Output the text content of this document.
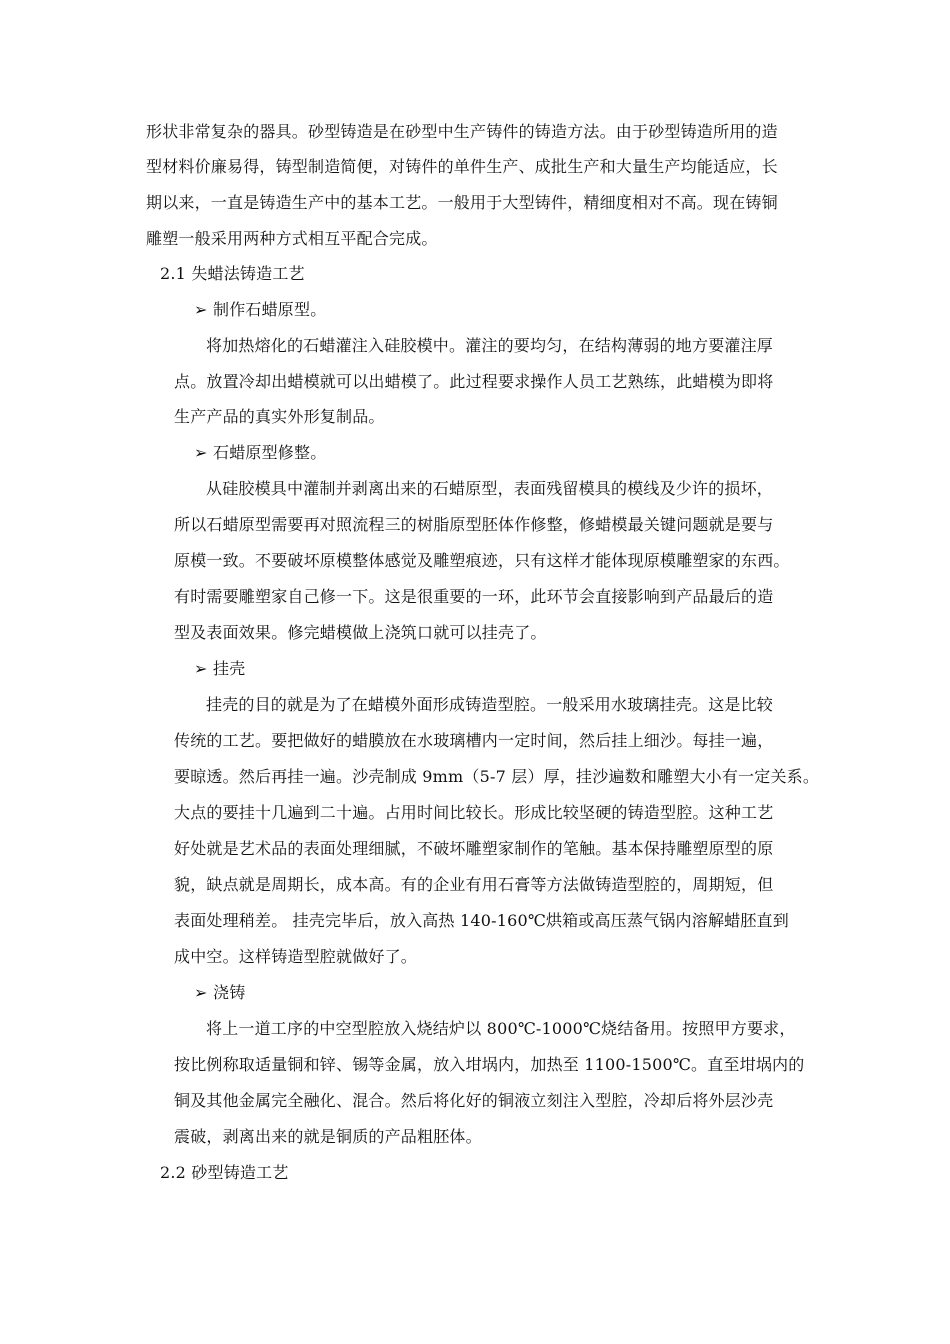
形状非常复杂的器具。砂型铸造是在砂型中生产铸件的铸造方法。由于砂型铸造所用的造
型材料价廉易得，铸型制造简便，对铸件的单件生产、成批生产和大量生产均能适应，长
期以来，一直是铸造生产中的基本工艺。一般用于大型铸件，精细度相对不高。现在铸铜
雕塑一般采用两种方式相互平配合完成。
2.1 失蜡法铸造工艺
➢ 制作石蜡原型。
将加热熔化的石蜡灌注入硅胶模中。灌注的要均匀，在结构薄弱的地方要灌注厚
点。放置冷却出蜡模就可以出蜡模了。此过程要求操作人员工艺熟练，此蜡模为即将
生产产品的真实外形复制品。
➢ 石蜡原型修整。
从硅胶模具中灌制并剥离出来的石蜡原型，表面残留模具的模线及少许的损坏，
所以石蜡原型需要再对照流程三的树脂原型胚体作修整，修蜡模最关键问题就是要与
原模一致。不要破坏原模整体感觉及雕塑痕迹，只有这样才能体现原模雕塑家的东西。
有时需要雕塑家自己修一下。这是很重要的一环，此环节会直接影响到产品最后的造
型及表面效果。修完蜡模做上浇筑口就可以挂壳了。
➢ 挂壳
挂壳的目的就是为了在蜡模外面形成铸造型腔。一般采用水玻璃挂壳。这是比较
传统的工艺。要把做好的蜡膜放在水玻璃槽内一定时间，然后挂上细沙。每挂一遍，
要晾透。然后再挂一遍。沙壳制成 9mm（5-7 层）厚，挂沙遍数和雕塑大小有一定关系。
大点的要挂十几遍到二十遍。占用时间比较长。形成比较坚硬的铸造型腔。这种工艺
好处就是艺术品的表面处理细腻，不破坏雕塑家制作的笔触。基本保持雕塑原型的原
貌，缺点就是周期长，成本高。有的企业有用石膏等方法做铸造型腔的，周期短，但
表面处理稍差。 挂壳完毕后，放入高热 140-160℃烘箱或高压蒸气锅内溶解蜡胚直到
成中空。这样铸造型腔就做好了。
➢ 浇铸
将上一道工序的中空型腔放入烧结炉以 800℃-1000℃烧结备用。按照甲方要求，
按比例称取适量铜和锌、锡等金属，放入坩埚内，加热至 1100-1500℃。直至坩埚内的
铜及其他金属完全融化、混合。然后将化好的铜液立刻注入型腔，冷却后将外层沙壳
震破，剥离出来的就是铜质的产品粗胚体。
2.2 砂型铸造工艺
